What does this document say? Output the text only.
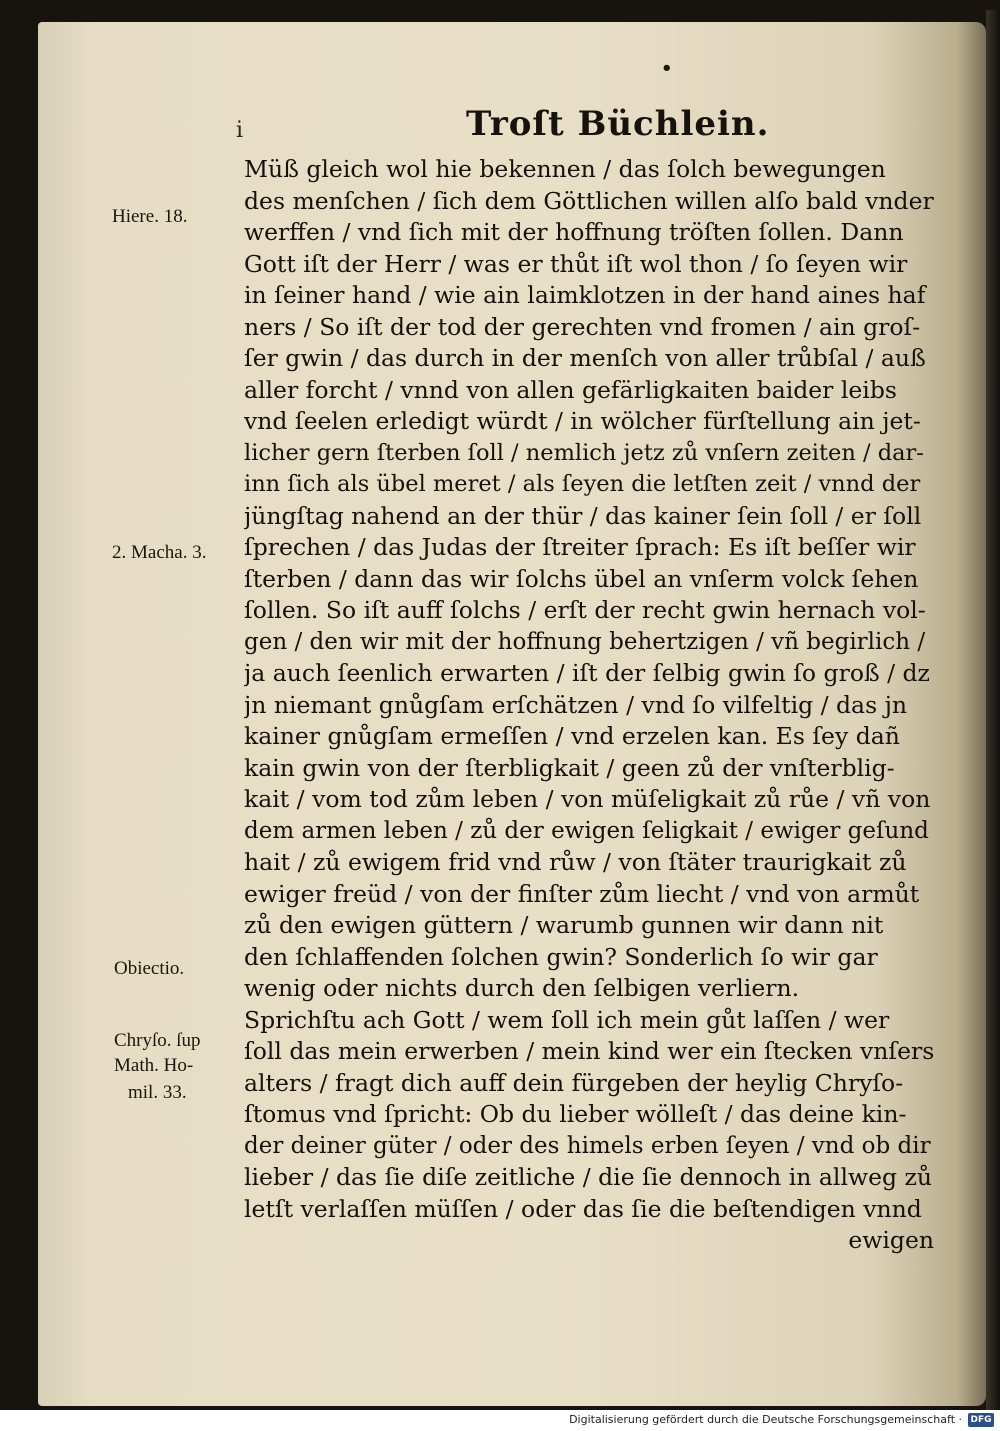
•
i	Troſt Büchlein.
Hiere. 18.
2. Macha. 3.
Obiectio.
Chryſo. ſup
Math. Ho-
mil. 33.
Müß gleich wol hie bekennen / das ſolch bewegungen
des menſchen / ſich dem Göttlichen willen alſo bald vnder
werffen / vnd ſich mit der hoffnung tröſten ſollen. Dann
Gott iſt der Herr / was er thůt iſt wol thon / ſo ſeyen wir
in ſeiner hand / wie ain laimklotzen in der hand aines haf
ners / So iſt der tod der gerechten vnd fromen / ain groſ-
ſer gwin / das durch in der menſch von aller trůbſal / auß
aller forcht / vnnd von allen gefärligkaiten baider leibs
vnd ſeelen erledigt würdt / in wölcher fürſtellung ain jet-
licher gern ſterben ſoll / nemlich jetz zů vnſern zeiten / dar-
inn ſich als übel meret / als ſeyen die letſten zeit / vnnd der
jüngſtag nahend an der thür / das kainer ſein ſoll / er ſoll
ſprechen / das Judas der ſtreiter ſprach: Es iſt beſſer wir
ſterben / dann das wir ſolchs übel an vnſerm volck ſehen
ſollen. So iſt auff ſolchs / erſt der recht gwin hernach vol-
gen / den wir mit der hoffnung behertzigen / vñ begirlich /
ja auch ſeenlich erwarten / iſt der ſelbig gwin ſo groß / dz
jn niemant gnůgſam erſchätzen / vnd ſo vilfeltig / das jn
kainer gnůgſam ermeſſen / vnd erzelen kan. Es ſey dañ
kain gwin von der ſterbligkait / geen zů der vnſterblig-
kait / vom tod zům leben / von müſeligkait zů růe / vñ von
dem armen leben / zů der ewigen ſeligkait / ewiger geſund
hait / zů ewigem frid vnd růw / von ſtäter traurigkait zů
ewiger freüd / von der finſter zům liecht / vnd von armůt
zů den ewigen güttern / warumb gunnen wir dann nit
den ſchlaffenden ſolchen gwin? Sonderlich ſo wir gar
wenig oder nichts durch den ſelbigen verliern.
Sprichſtu ach Gott / wem ſoll ich mein gůt laſſen / wer
ſoll das mein erwerben / mein kind wer ein ſtecken vnſers
alters / fragt dich auff dein fürgeben der heylig Chryſo-
ſtomus vnd ſpricht: Ob du lieber wölleſt / das deine kin-
der deiner güter / oder des himels erben ſeyen / vnd ob dir
lieber / das ſie diſe zeitliche / die ſie dennoch in allweg zů
letſt verlaſſen müſſen / oder das ſie die beſtendigen vnnd
ewigen
Digitalisierung gefördert durch die Deutsche Forschungsgemeinschaft · DFG
